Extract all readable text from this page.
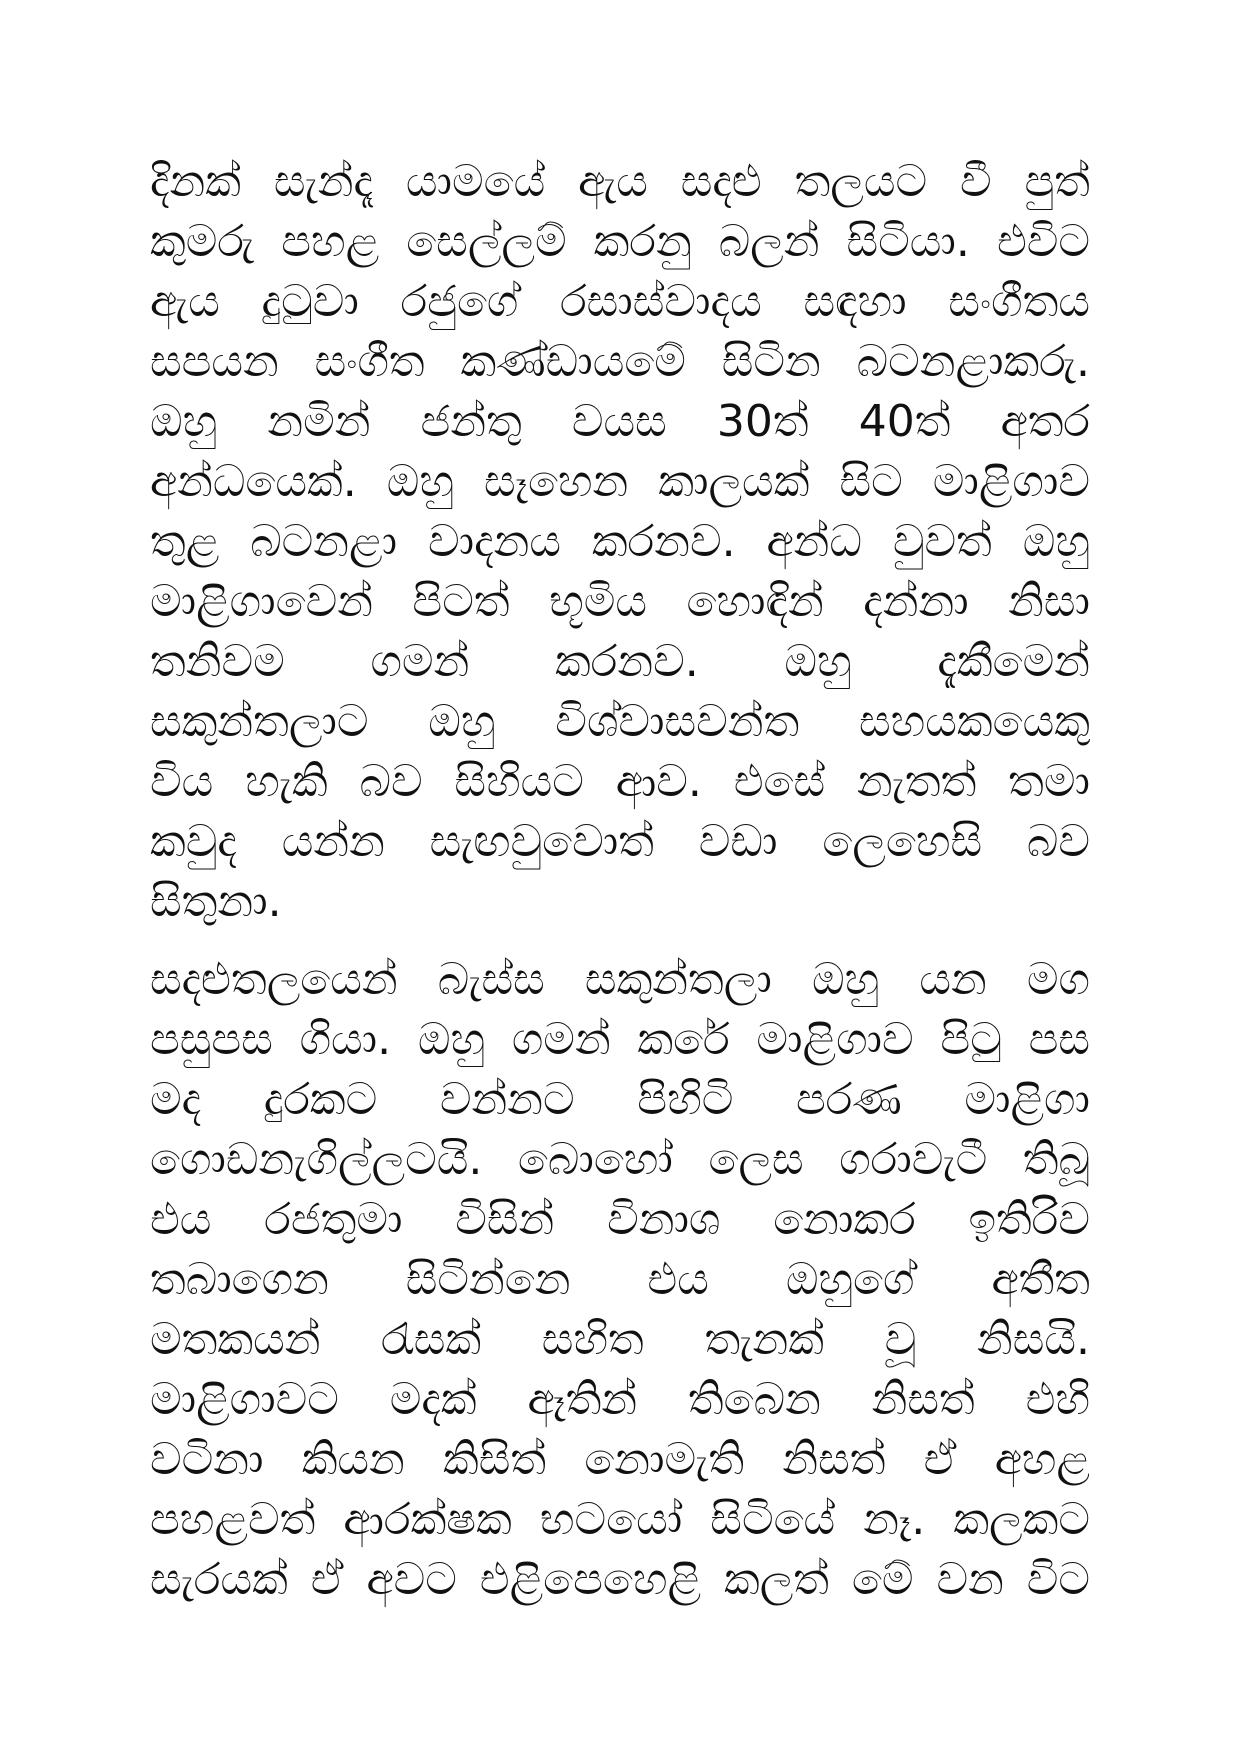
දිනක් සැන්දෑ යාමයේ ඇය සදළු තලයට වී පුත්
කුමරු පහළ සෙල්ලම් කරනු බලන් සිටියා. එවිට
ඇය දුටුවා රජුගේ රසාස්වාදය සඳහා සංගීතය
සපයන සංගීත කණ්ඩායමේ සිටින බටනළාකරු.
ඔහු නමින් ජන්තු වයස 30ත් 40ත් අතර
අන්ධයෙක්. ඔහු සෑහෙන කාලයක් සිට මාළිගාව
තුළ බටනළා වාදනය කරනව. අන්ධ වුවත් ඔහු
මාළිගාවෙන් පිටත් භූමිය හොඳින් දන්නා නිසා
තනිවම ගමන් කරනව. ඔහු දැකීමෙන්
සකුන්තලාට ඔහු විශ්වාසවන්ත සහයකයෙකු
විය හැකි බව සිහියට ආව. එසේ නැතත් තමා
කවුද යන්න සැඟවුවොත් වඩා ලෙහෙසි බව
සිතුනා.
සදළුතලයෙන් බැස්ස සකුන්තලා ඔහු යන මග
පසුපස ගියා. ඔහු ගමන් කරේ මාළිගාව පිටු පස
මද දුරකට වන්නට පිහිටි පරණ මාළිගා
ගොඩනැගිල්ලටයි. බොහෝ ලෙස ගරාවැටී තිබූ
එය රජතුමා විසින් විනාශ නොකර ඉතිරිව
තබාගෙන සිටින්නෙ එය ඔහුගේ අතීත
මතකයන් රැසක් සහිත තැනක් වූ නිසයි.
මාළිගාවට මදක් ඈතින් තිබෙන නිසත් එහි
වටිනා කියන කිසිත් නොමැති නිසත් ඒ අහළ
පහළවත් ආරක්ෂක භටයෝ සිටියේ නෑ. කලකට
සැරයක් ඒ අවට එළිපෙහෙළි කලත් මේ වන විට
